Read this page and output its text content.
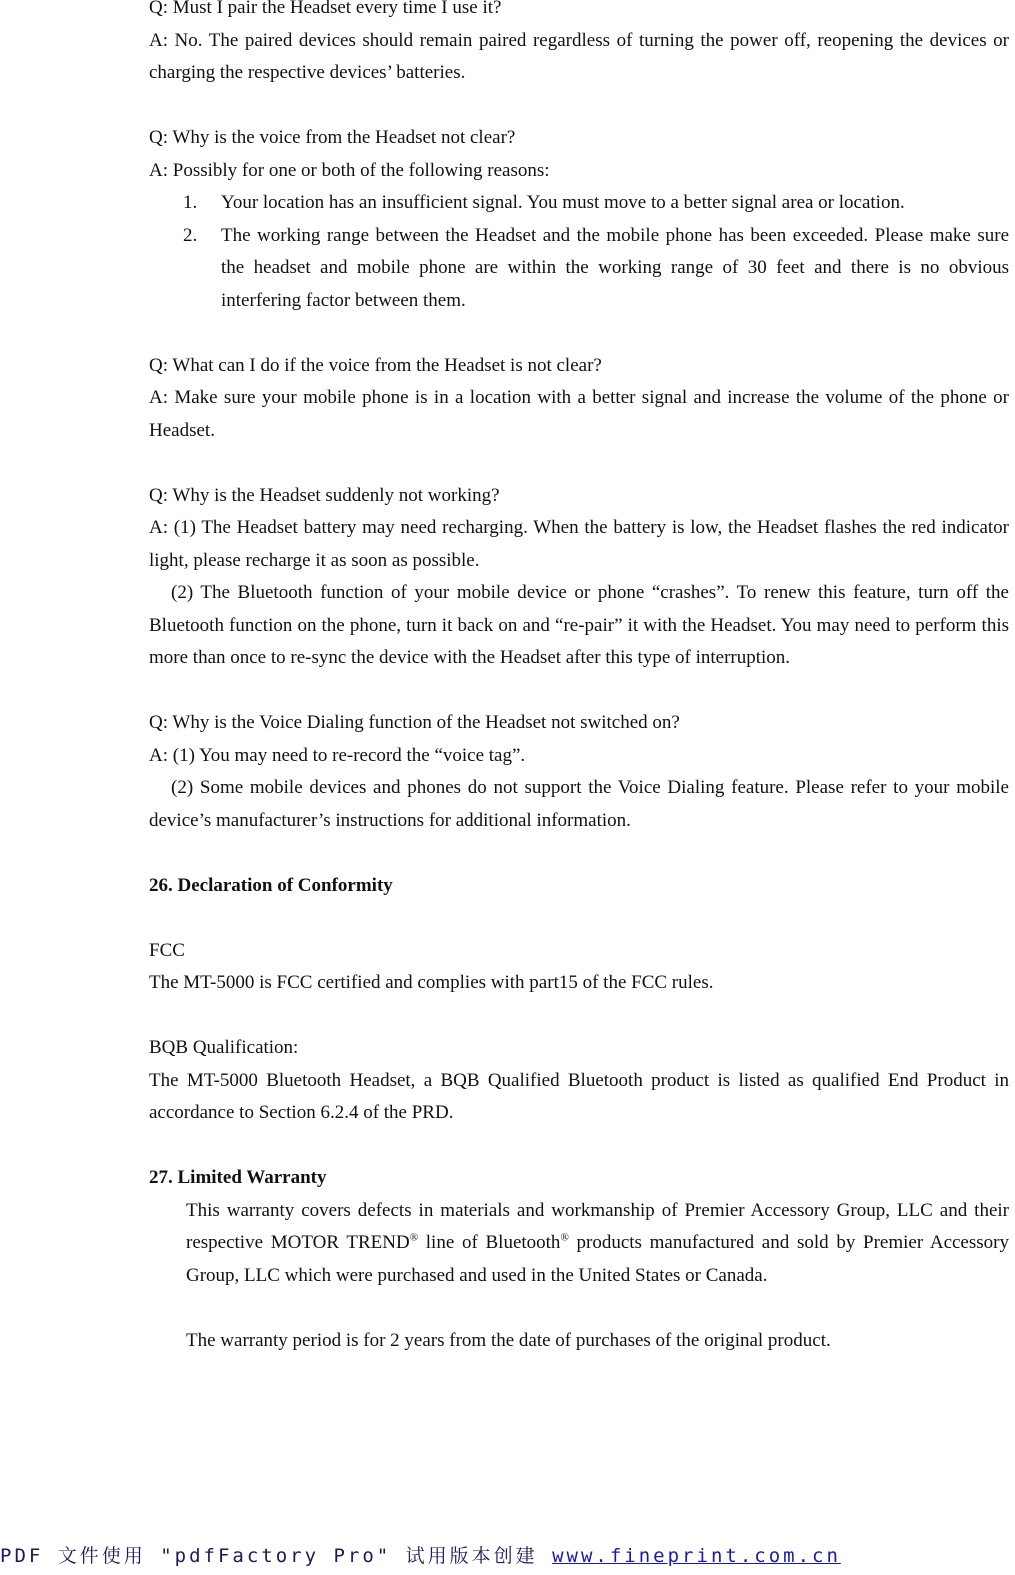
Q: Must I pair the Headset every time I use it?
A: No. The paired devices should remain paired regardless of turning the power off, reopening the devices or charging the respective devices’ batteries.
Q: Why is the voice from the Headset not clear?
A: Possibly for one or both of the following reasons:
1.	Your location has an insufficient signal. You must move to a better signal area or location.
2.	The working range between the Headset and the mobile phone has been exceeded. Please make sure the headset and mobile phone are within the working range of 30 feet and there is no obvious interfering factor between them.
Q: What can I do if the voice from the Headset is not clear?
A: Make sure your mobile phone is in a location with a better signal and increase the volume of the phone or Headset.
Q: Why is the Headset suddenly not working?
A: (1) The Headset battery may need recharging. When the battery is low, the Headset flashes the red indicator light, please recharge it as soon as possible.
(2) The Bluetooth function of your mobile device or phone “crashes”. To renew this feature, turn off the Bluetooth function on the phone, turn it back on and “re-pair” it with the Headset. You may need to perform this more than once to re-sync the device with the Headset after this type of interruption.
Q: Why is the Voice Dialing function of the Headset not switched on?
A: (1) You may need to re-record the “voice tag”.
(2) Some mobile devices and phones do not support the Voice Dialing feature. Please refer to your mobile device’s manufacturer’s instructions for additional information.
26. Declaration of Conformity
FCC
The MT-5000 is FCC certified and complies with part15 of the FCC rules.
BQB Qualification:
The MT-5000 Bluetooth Headset, a BQB Qualified Bluetooth product is listed as qualified End Product in accordance to Section 6.2.4 of the PRD.
27. Limited Warranty
This warranty covers defects in materials and workmanship of Premier Accessory Group, LLC and their respective MOTOR TREND® line of Bluetooth® products manufactured and sold by Premier Accessory Group, LLC which were purchased and used in the United States or Canada.
The warranty period is for 2 years from the date of purchases of the original product.
PDF 文件使用 "pdfFactory Pro" 试用版本创建 www.fineprint.com.cn
